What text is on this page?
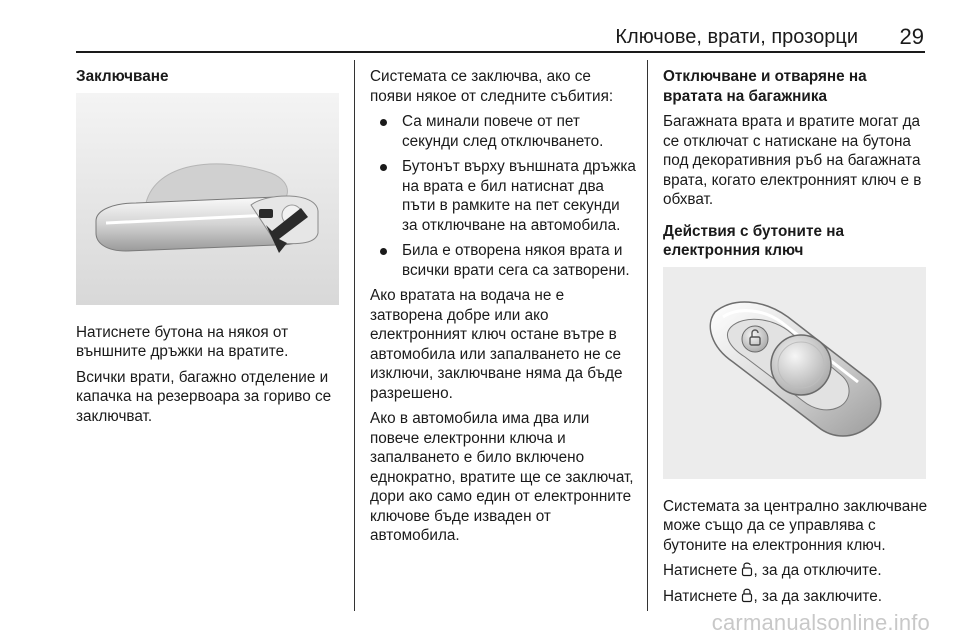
Ключове, врати, прозорци 29
Заключване

Натиснете бутона на някоя от външните дръжки на вратите.

Всички врати, багажно отделение и капачка на резервоара за гориво се заключват.

Системата се заключва, ако се появи някое от следните събития:

Са минали повече от пет секунди след отключването.
Бутонът върху външната дръжка на врата е бил натиснат два пъти в рамките на пет секунди за отключване на автомобила.
Била е отворена някоя врата и всички врати сега са затворени.

Ако вратата на водача не е затворена добре или ако електронният ключ остане вътре в автомобила или запалването не се изключи, заключване няма да бъде разрешено.

Ако в автомобила има два или повече електронни ключа и запалването е било включено еднократно, вратите ще се заключат, дори ако само един от електронните ключове бъде изваден от автомобила.

Отключване и отваряне на вратата на багажника

Багажната врата и вратите могат да се отключат с натискане на бутона под декоративния ръб на багажната врата, когато електронният ключ е в обхват.

Действия с бутоните на електронния ключ

Системата за централно заключване може също да се управлява с бутоните на електронния ключ.

Натиснете , за да отключите.

Натиснете , за да заключите.

carmanualsonline.info
